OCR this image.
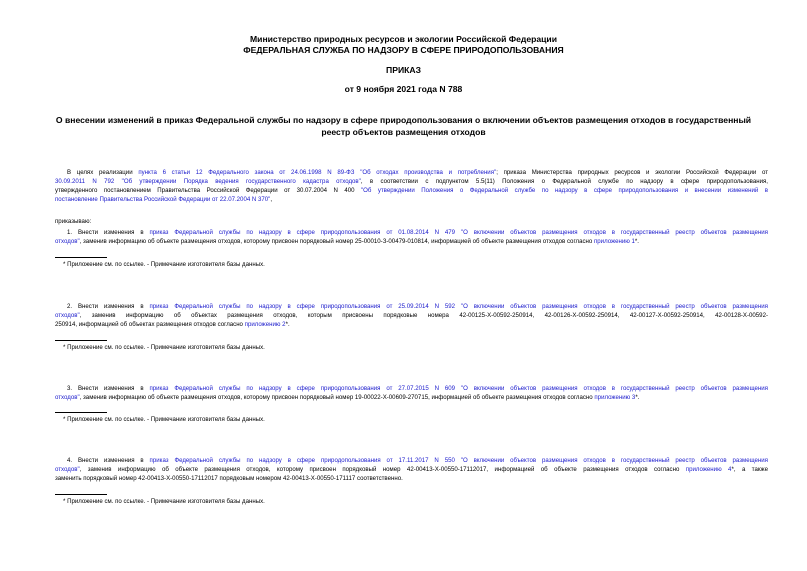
Министерство природных ресурсов и экологии Российской Федерации
ФЕДЕРАЛЬНАЯ СЛУЖБА ПО НАДЗОРУ В СФЕРЕ ПРИРОДОПОЛЬЗОВАНИЯ
ПРИКАЗ
от 9 ноября 2021 года N 788
О внесении изменений в приказ Федеральной службы по надзору в сфере природопользования о включении объектов размещения отходов в государственный реестр объектов размещения отходов
В целях реализации пункта 6 статьи 12 Федерального закона от 24.06.1998 N 89-ФЗ "Об отходах производства и потребления"; приказа Министерства природных ресурсов и экологии Российской Федерации от
30.09.2011 N 792 "Об утверждении Порядка ведения государственного кадастра отходов", в соответствии с подпунктом 5.5(11) Положения о Федеральной службе по надзору в сфере природопользования,
утвержденного постановлением Правительства Российской Федерации от 30.07.2004 N 400 "Об утверждении Положения о Федеральной службе по надзору в сфере природопользования и внесении изменений в
постановление Правительства Российской Федерации от 22.07.2004 N 370",
приказываю:
1. Внести изменения в приказ Федеральной службы по надзору в сфере природопользования от 01.08.2014 N 479 "О включении объектов размещения отходов в государственный реестр объектов размещения
отходов", заменив информацию об объекте размещения отходов, которому присвоен порядковый номер 25-00010-З-00479-010814, информацией об объекте размещения отходов согласно приложению 1*.
* Приложение см. по ссылке. - Примечание изготовителя базы данных.
2. Внести изменения в приказ Федеральной службы по надзору в сфере природопользования от 25.09.2014 N 592 "О включении объектов размещения отходов в государственный реестр объектов размещения
отходов", заменив информацию об объектах размещения отходов, которым присвоены порядковые номера 42-00125-Х-00592-250914, 42-00126-Х-00592-250914, 42-00127-Х-00592-250914, 42-00128-Х-00592-
250914, информацией об объектах размещения отходов согласно приложению 2*.
* Приложение см. по ссылке. - Примечание изготовителя базы данных.
3. Внести изменения в приказ Федеральной службы по надзору в сфере природопользования от 27.07.2015 N 609 "О включении объектов размещения отходов в государственный реестр объектов размещения
отходов", заменив информацию об объекте размещения отходов, которому присвоен порядковый номер 19-00022-Х-00609-270715, информацией об объекте размещения отходов согласно приложению 3*.
* Приложение см. по ссылке. - Примечание изготовителя базы данных.
4. Внести изменения в приказ Федеральной службы по надзору в сфере природопользования от 17.11.2017 N 550 "О включении объектов размещения отходов в государственный реестр объектов размещения
отходов", заменив информацию об объекте размещения отходов, которому присвоен порядковый номер 42-00413-Х-00550-17112017, информацией об объекте размещения отходов согласно приложению 4*, а также
заменить порядковый номер 42-00413-Х-00550-17112017 порядковым номером 42-00413-Х-00550-171117 соответственно.
* Приложение см. по ссылке. - Примечание изготовителя базы данных.
